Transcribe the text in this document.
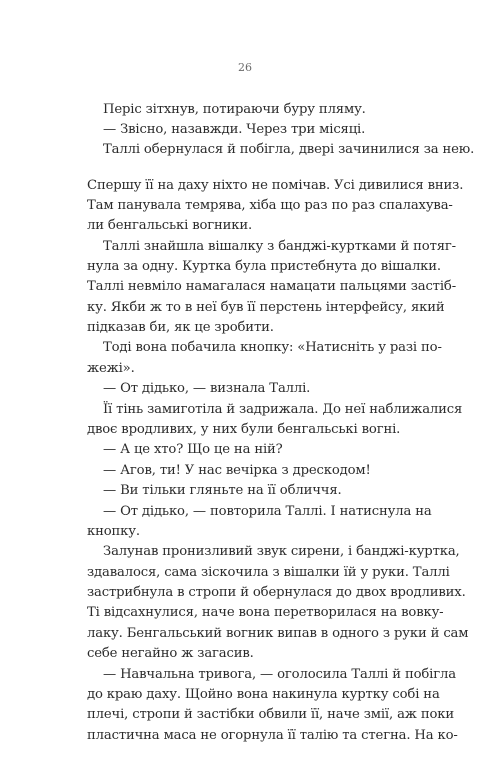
26
Періс зітхнув, потираючи буру пляму.
— Звісно, назавжди. Через три місяці.
Таллі обернулася й побігла, двері зачинилися за нею.
Спершу її на даху ніхто не помічав. Усі дивилися вниз.
Там панувала темрява, хіба що раз по раз спалахува-
ли бенгальські вогники.
Таллі знайшла вішалку з банджі-куртками й потяг-
нула за одну. Куртка була пристебнута до вішалки.
Таллі невміло намагалася намацати пальцями застіб-
ку. Якби ж то в неї був її перстень інтерфейсу, який
підказав би, як це зробити.
Тоді вона побачила кнопку: «Натисніть у разі по-
жежі».
— От дідько, — визнала Таллі.
Її тінь замиготіла й задрижала. До неї наближалися
двоє вродливих, у них були бенгальські вогні.
— А це хто? Що це на ній?
— Агов, ти! У нас вечірка з дрескодом!
— Ви тільки гляньте на її обличчя.
— От дідько, — повторила Таллі. І натиснула на
кнопку.
Залунав пронизливий звук сирени, і банджі-куртка,
здавалося, сама зіскочила з вішалки їй у руки. Таллі
застрибнула в стропи й обернулася до двох вродливих.
Ті відсахнулися, наче вона перетворилася на вовку-
лаку. Бенгальський вогник випав в одного з руки й сам
себе негайно ж загасив.
— Навчальна тривога, — оголосила Таллі й побігла
до краю даху. Щойно вона накинула куртку собі на
плечі, стропи й застібки обвили її, наче змії, аж поки
пластична маса не огорнула її талію та стегна. На ко-
